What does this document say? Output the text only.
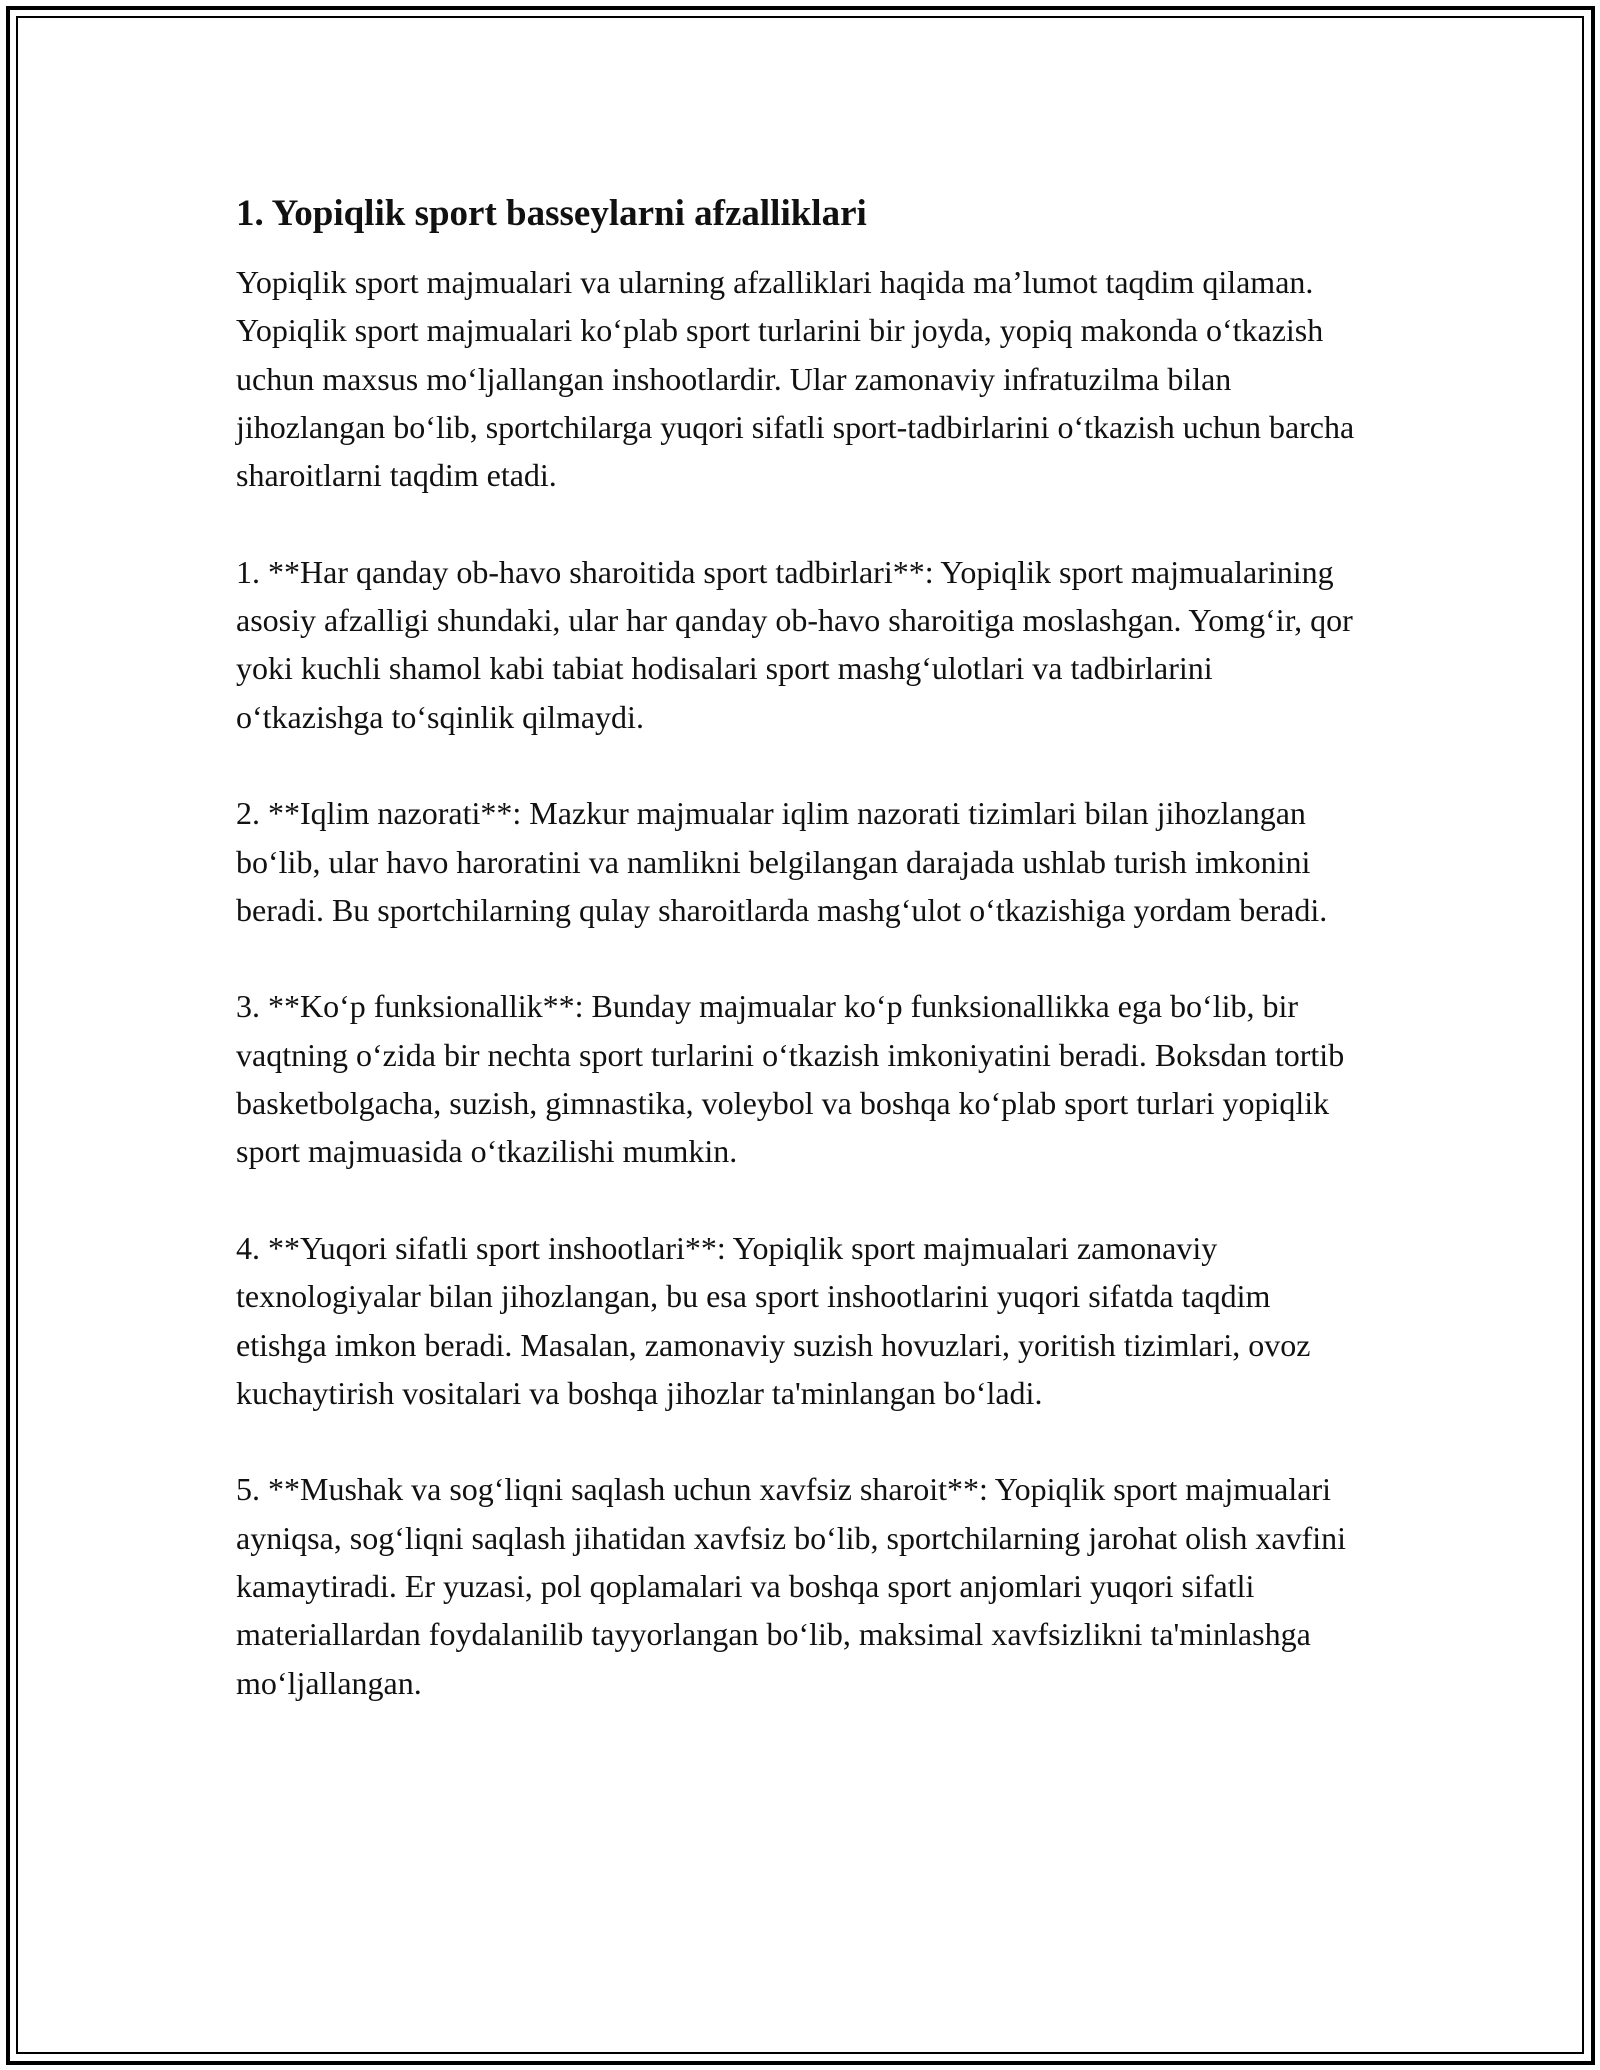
1. Yopiqlik sport basseylarni afzalliklari

Yopiqlik sport majmualari va ularning afzalliklari haqida ma’lumot taqdim qilaman. Yopiqlik sport majmualari ko‘plab sport turlarini bir joyda, yopiq makonda o‘tkazish uchun maxsus mo‘ljallangan inshootlardir. Ular zamonaviy infratuzilma bilan jihozlangan bo‘lib, sportchilarga yuqori sifatli sport-tadbirlarini o‘tkazish uchun barcha sharoitlarni taqdim etadi.

1. **Har qanday ob-havo sharoitida sport tadbirlari**: Yopiqlik sport majmualarining asosiy afzalligi shundaki, ular har qanday ob-havo sharoitiga moslashgan. Yomg‘ir, qor yoki kuchli shamol kabi tabiat hodisalari sport mashg‘ulotlari va tadbirlarini o‘tkazishga to‘sqinlik qilmaydi.

2. **Iqlim nazorati**: Mazkur majmualar iqlim nazorati tizimlari bilan jihozlangan bo‘lib, ular havo haroratini va namlikni belgilangan darajada ushlab turish imkonini beradi. Bu sportchilarning qulay sharoitlarda mashg‘ulot o‘tkazishiga yordam beradi.

3. **Ko‘p funksionallik**: Bunday majmualar ko‘p funksionallikka ega bo‘lib, bir vaqtning o‘zida bir nechta sport turlarini o‘tkazish imkoniyatini beradi. Boksdan tortib basketbolgacha, suzish, gimnastika, voleybol va boshqa ko‘plab sport turlari yopiqlik sport majmuasida o‘tkazilishi mumkin.

4. **Yuqori sifatli sport inshootlari**: Yopiqlik sport majmualari zamonaviy texnologiyalar bilan jihozlangan, bu esa sport inshootlarini yuqori sifatda taqdim etishga imkon beradi. Masalan, zamonaviy suzish hovuzlari, yoritish tizimlari, ovoz kuchaytirish vositalari va boshqa jihozlar ta'minlangan bo‘ladi.

5. **Mushak va sog‘liqni saqlash uchun xavfsiz sharoit**: Yopiqlik sport majmualari ayniqsa, sog‘liqni saqlash jihatidan xavfsiz bo‘lib, sportchilarning jarohat olish xavfini kamaytiradi. Er yuzasi, pol qoplamalari va boshqa sport anjomlari yuqori sifatli materiallardan foydalanilib tayyorlangan bo‘lib, maksimal xavfsizlikni ta'minlashga mo‘ljallangan.
